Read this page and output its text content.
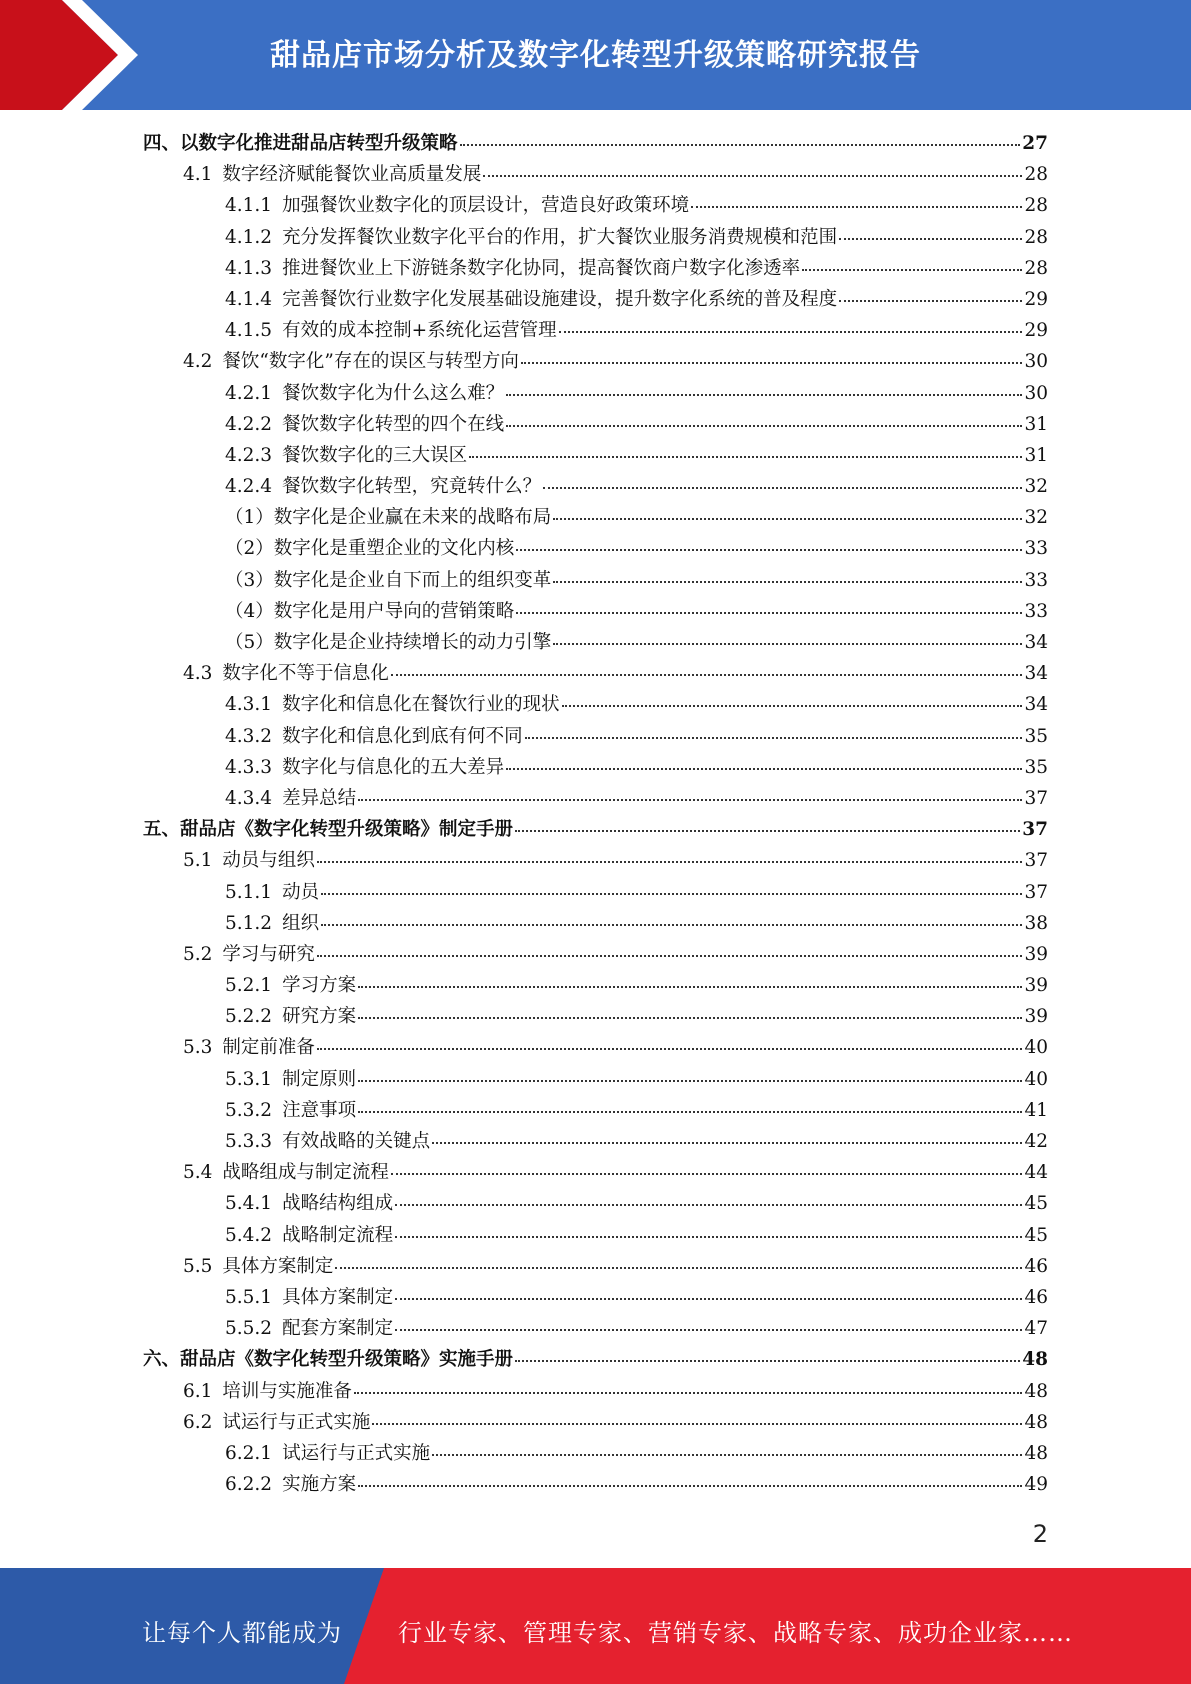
甜品店市场分析及数字化转型升级策略研究报告
四、以数字化推进甜品店转型升级策略	27
4.1 数字经济赋能餐饮业高质量发展	28
4.1.1 加强餐饮业数字化的顶层设计，营造良好政策环境	28
4.1.2 充分发挥餐饮业数字化平台的作用，扩大餐饮业服务消费规模和范围	28
4.1.3 推进餐饮业上下游链条数字化协同，提高餐饮商户数字化渗透率	28
4.1.4 完善餐饮行业数字化发展基础设施建设，提升数字化系统的普及程度	29
4.1.5 有效的成本控制+系统化运营管理	29
4.2 餐饮“数字化”存在的误区与转型方向	30
4.2.1 餐饮数字化为什么这么难？	30
4.2.2 餐饮数字化转型的四个在线	31
4.2.3 餐饮数字化的三大误区	31
4.2.4 餐饮数字化转型，究竟转什么？	32
（1）数字化是企业赢在未来的战略布局	32
（2）数字化是重塑企业的文化内核	33
（3）数字化是企业自下而上的组织变革	33
（4）数字化是用户导向的营销策略	33
（5）数字化是企业持续增长的动力引擎	34
4.3 数字化不等于信息化	34
4.3.1 数字化和信息化在餐饮行业的现状	34
4.3.2 数字化和信息化到底有何不同	35
4.3.3 数字化与信息化的五大差异	35
4.3.4 差异总结	37
五、甜品店《数字化转型升级策略》制定手册	37
5.1 动员与组织	37
5.1.1 动员	37
5.1.2 组织	38
5.2 学习与研究	39
5.2.1 学习方案	39
5.2.2 研究方案	39
5.3 制定前准备	40
5.3.1 制定原则	40
5.3.2 注意事项	41
5.3.3 有效战略的关键点	42
5.4 战略组成与制定流程	44
5.4.1 战略结构组成	45
5.4.2 战略制定流程	45
5.5 具体方案制定	46
5.5.1 具体方案制定	46
5.5.2 配套方案制定	47
六、甜品店《数字化转型升级策略》实施手册	48
6.1 培训与实施准备	48
6.2 试运行与正式实施	48
6.2.1 试运行与正式实施	48
6.2.2 实施方案	49
2
让每个人都能成为 行业专家、管理专家、营销专家、战略专家、成功企业家……
